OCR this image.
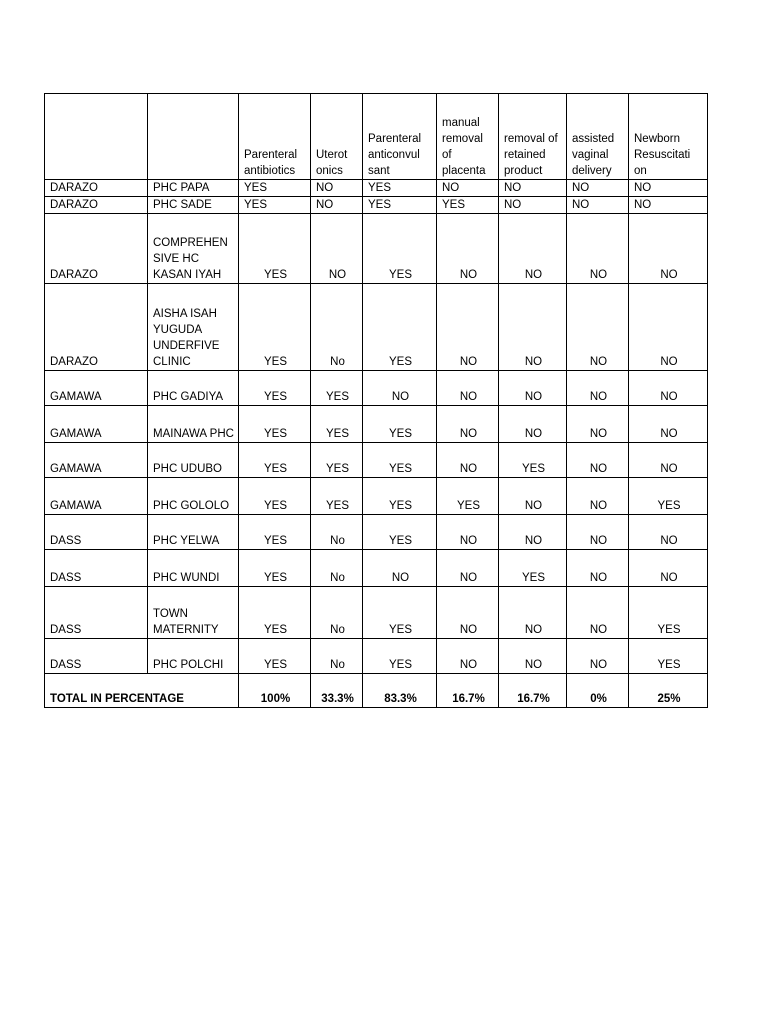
		Parenteral antibiotics	Uterot onics	Parenteral anticonvul sant	manual removal of placenta	removal of retained product	assisted vaginal delivery	Newborn Resuscitati on
DARAZO	PHC PAPA	YES	NO	YES	NO	NO	NO	NO
DARAZO	PHC SADE	YES	NO	YES	YES	NO	NO	NO
DARAZO	COMPREHEN SIVE HC KASAN IYAH	YES	NO	YES	NO	NO	NO	NO
DARAZO	AISHA ISAH YUGUDA UNDERFIVE CLINIC	YES	No	YES	NO	NO	NO	NO
GAMAWA	PHC GADIYA	YES	YES	NO	NO	NO	NO	NO
GAMAWA	MAINAWA PHC	YES	YES	YES	NO	NO	NO	NO
GAMAWA	PHC UDUBO	YES	YES	YES	NO	YES	NO	NO
GAMAWA	PHC GOLOLO	YES	YES	YES	YES	NO	NO	YES
DASS	PHC YELWA	YES	No	YES	NO	NO	NO	NO
DASS	PHC WUNDI	YES	No	NO	NO	YES	NO	NO
DASS	TOWN MATERNITY	YES	No	YES	NO	NO	NO	YES
DASS	PHC POLCHI	YES	No	YES	NO	NO	NO	YES
TOTAL IN PERCENTAGE		100%	33.3%	83.3%	16.7%	16.7%	0%	25%
